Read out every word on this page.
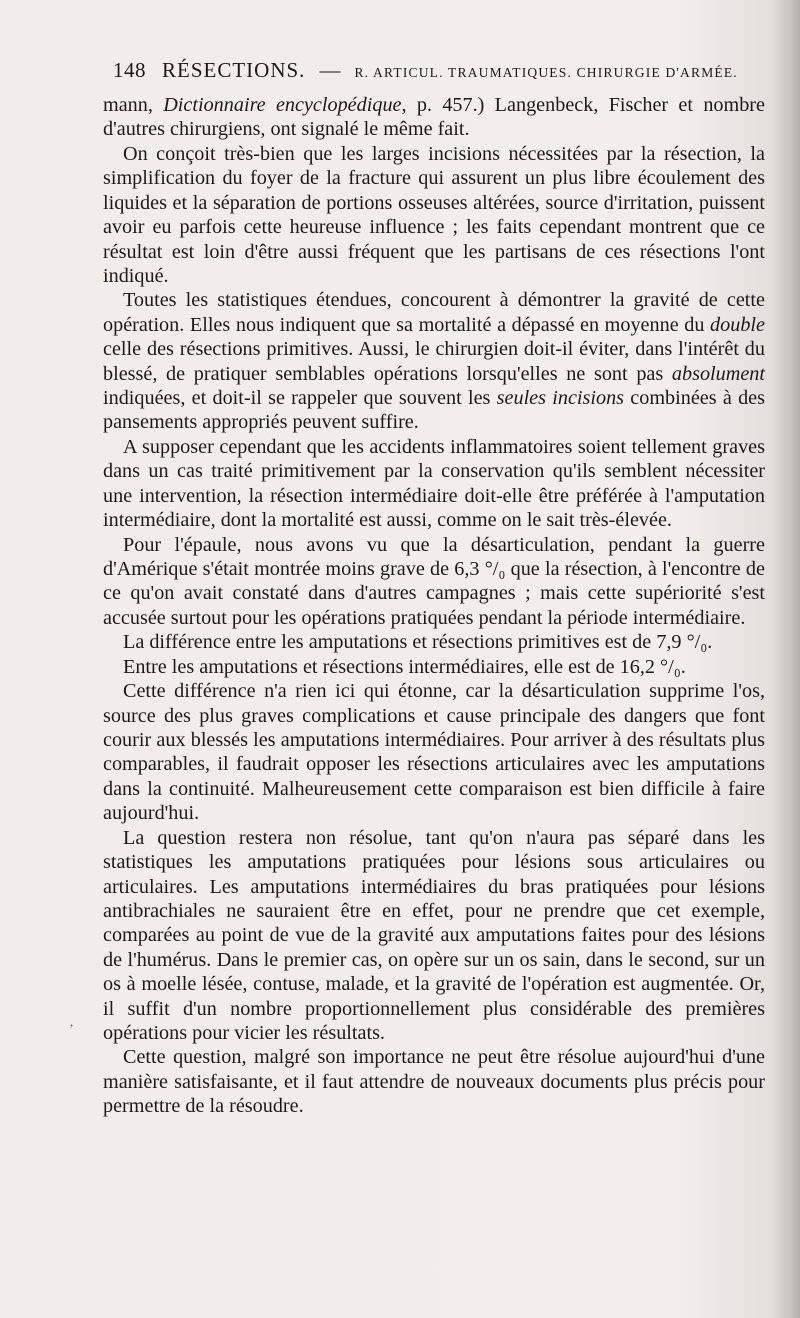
148 RÉSECTIONS. — R. ARTICUL. TRAUMATIQUES. CHIRURGIE D'ARMÉE.

mann, Dictionnaire encyclopédique, p. 457.) Langenbeck, Fischer et nombre d'autres chirurgiens, ont signalé le même fait.

On conçoit très-bien que les larges incisions nécessitées par la résection, la simplification du foyer de la fracture qui assurent un plus libre écoulement des liquides et la séparation de portions osseuses altérées, source d'irritation, puissent avoir eu parfois cette heureuse influence ; les faits cependant montrent que ce résultat est loin d'être aussi fréquent que les partisans de ces résections l'ont indiqué.

Toutes les statistiques étendues, concourent à démontrer la gravité de cette opération. Elles nous indiquent que sa mortalité a dépassé en moyenne du double celle des résections primitives. Aussi, le chirurgien doit-il éviter, dans l'intérêt du blessé, de pratiquer semblables opérations lorsqu'elles ne sont pas absolument indiquées, et doit-il se rappeler que souvent les seules incisions combinées à des pansements appropriés peuvent suffire.

A supposer cependant que les accidents inflammatoires soient tellement graves dans un cas traité primitivement par la conservation qu'ils semblent nécessiter une intervention, la résection intermédiaire doit-elle être préférée à l'amputation intermédiaire, dont la mortalité est aussi, comme on le sait très-élevée.

Pour l'épaule, nous avons vu que la désarticulation, pendant la guerre d'Amérique s'était montrée moins grave de 6,3 °/₀ que la résection, à l'encontre de ce qu'on avait constaté dans d'autres campagnes ; mais cette supériorité s'est accusée surtout pour les opérations pratiquées pendant la période intermédiaire.

La différence entre les amputations et résections primitives est de 7,9 °/₀.

Entre les amputations et résections intermédiaires, elle est de 16,2 °/₀.

Cette différence n'a rien ici qui étonne, car la désarticulation supprime l'os, source des plus graves complications et cause principale des dangers que font courir aux blessés les amputations intermédiaires. Pour arriver à des résultats plus comparables, il faudrait opposer les résections articulaires avec les amputations dans la continuité. Malheureusement cette comparaison est bien difficile à faire aujourd'hui.

La question restera non résolue, tant qu'on n'aura pas séparé dans les statistiques les amputations pratiquées pour lésions sous articulaires ou articulaires. Les amputations intermédiaires du bras pratiquées pour lésions antibrachiales ne sauraient être en effet, pour ne prendre que cet exemple, comparées au point de vue de la gravité aux amputations faites pour des lésions de l'humérus. Dans le premier cas, on opère sur un os sain, dans le second, sur un os à moelle lésée, contuse, malade, et la gravité de l'opération est augmentée. Or, il suffit d'un nombre proportionnellement plus considérable des premières opérations pour vicier les résultats.

Cette question, malgré son importance ne peut être résolue aujourd'hui d'une manière satisfaisante, et il faut attendre de nouveaux documents plus précis pour permettre de la résoudre.

,
